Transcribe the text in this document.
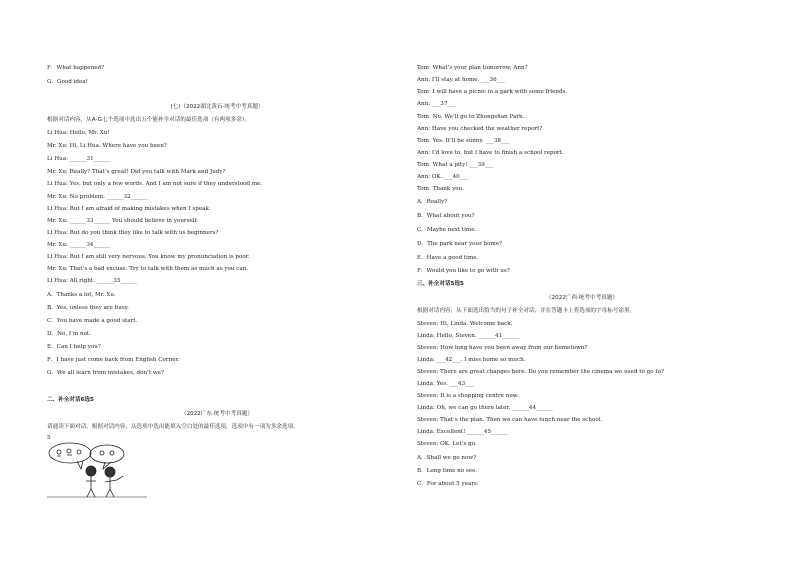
F．What happened?
G．Good idea!
(七)（2022湖北黄石·统考中考真题）
根据对话内容，从A-G七个选项中选出五个能补全对话的最佳选项（有两项多余）。
Li Hua: Hello, Mr. Xu!
Mr. Xu: Hi, Li Hua. Where have you been?
Li Hua: ______31______
Mr. Xu: Really? That’s great! Did you talk with Mark and Judy?
Li Hua: Yes, but only a few words. And I am not sure if they understood me.
Mr. Xu: No problem. ______32______
Li Hua: But I am afraid of making mistakes when I speak.
Mr. Xu: ______33______ You should believe in yourself.
Li Hua: But do you think they like to talk with us beginners?
Mr. Xu: ______34______
Li Hua: But I am still very nervous. You know my pronunciation is poor.
Mr. Xu: That’s a bad excuse. Try to talk with them as much as you can.
Li Hua: All right. ______35______
A．Thanks a lot, Mr. Xu.
B．Yes, unless they are busy.
C．You have made a good start.
D．No, I’m not.
E．Can I help you?
F．I have just come back from English Corner.
G．We all learn from mistakes, don’t we?
二、补全对话6选5
（2022广东·统考中考真题）
请通读下面对话，根据对话内容，从选项中选出能填入空白处的最佳选项，选项中有一项为多余选项。
5
Tom: What’s your plan tomorrow, Ann?
Ann: I’ll stay at home. ___36___
Tom: I will have a picnic in a park with some friends.
Ann: ___37___
Tom: No. We’ll go to Zhongshan Park.
Ann: Have you checked the weather report?
Tom: Yes. It’ll be sunny. ___38___
Ann: I’d love to, but I have to finish a school report.
Tom: What a pity! ___39___
Ann: OK. ___40___
Tom: Thank you.
A．Really?
B．What about you?
C．Maybe next time.
D．The park near your home?
E．Have a good time.
F．Would you like to go with us?
三、补全对话5选5
（2022广西·统考中考真题）
根据对话内容，从下面选出恰当的句子补全对话，并在答题卡上将选项的字母标号涂黑。
Steven: Hi, Linda. Welcome back.
Linda: Hello, Steven. ______41______
Steven: How long have you been away from our hometown?
Linda: ___42___. I miss home so much.
Steven: There are great changes here. Do you remember the cinema we used to go to?
Linda: Yes. ___43___
Steven: It is a shopping centre now.
Linda: Oh, we can go there later. ______44______
Steven: That’s the plan. Then we can have lunch near the school.
Linda: Excellent! ______45______
Steven: OK. Let’s go.
A．Shall we go now?
B．Long time no see.
C．For about 5 years.
